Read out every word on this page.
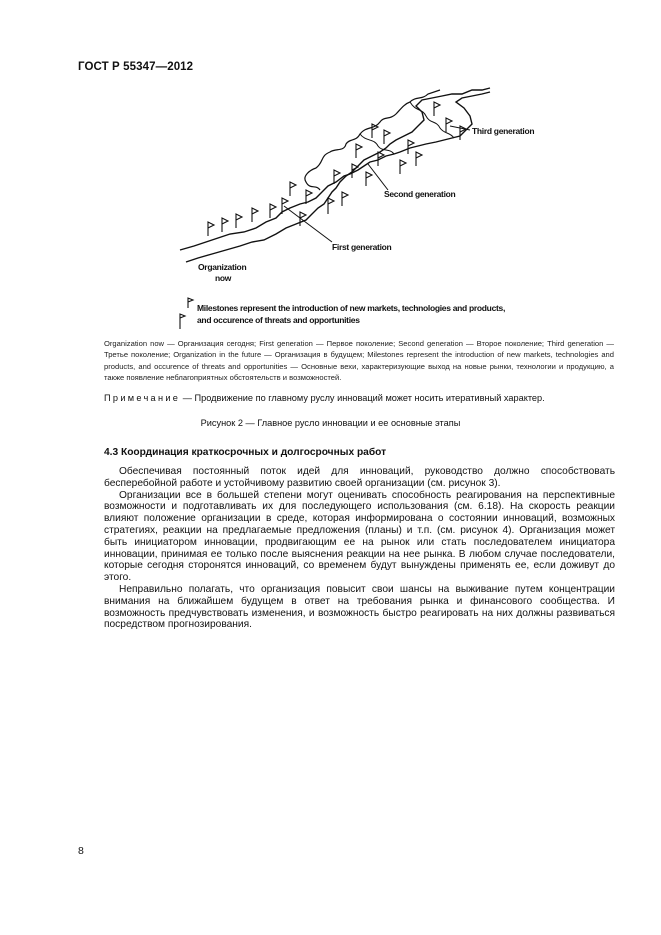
ГОСТ Р 55347—2012
Third generation
Second generation
First generation
Organization
now
Milestones represent the introduction of new markets, technologies and products,
and occurence of threats and opportunities
Organization now — Организация сегодня; First generation — Первое поколение; Second generation — Второе поколение; Third generation — Третье поколение; Organization in the future — Организация в будущем; Milestones represent the introduction of new markets, technologies and products, and occurence of threats and opportunities — Основные вехи, характеризующие выход на новые рынки, технологии и продукцию, а также появление неблагоприятных обстоятельств и возможностей.
Примечание — Продвижение по главному руслу инноваций может носить итеративный характер.
Рисунок 2 — Главное русло инновации и ее основные этапы
4.3 Координация краткосрочных и долгосрочных работ

Обеспечивая постоянный поток идей для инноваций, руководство должно способствовать бесперебойной работе и устойчивому развитию своей организации (см. рисунок 3).

Организации все в большей степени могут оценивать способность реагирования на перспективные возможности и подготавливать их для последующего использования (см. 6.18). На скорость реакции влияют положение организации в среде, которая информирована о состоянии инноваций, возможных стратегиях, реакции на предлагаемые предложения (планы) и т.п. (см. рисунок 4). Организация может быть инициатором инновации, продвигающим ее на рынок или стать последователем инициатора инновации, принимая ее только после выяснения реакции на нее рынка. В любом случае последователи, которые сегодня сторонятся инноваций, со временем будут вынуждены применять ее, если доживут до этого.

Неправильно полагать, что организация повысит свои шансы на выживание путем концентрации внимания на ближайшем будущем в ответ на требования рынка и финансового сообщества. И возможность предчувствовать изменения, и возможность быстро реагировать на них должны развиваться посредством прогнозирования.

8
